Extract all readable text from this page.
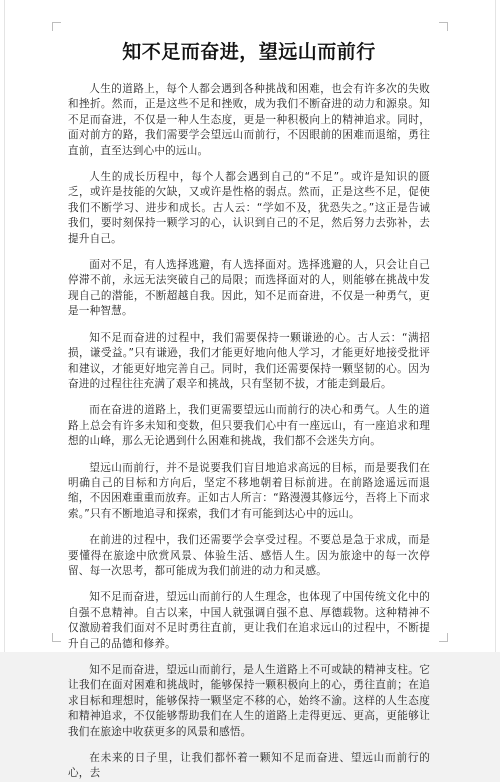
知不足而奋进，望远山而前行

人生的道路上，每个人都会遇到各种挑战和困难，也会有许多次的失败和挫折。然而，正是这些不足和挫败，成为我们不断奋进的动力和源泉。知不足而奋进，不仅是一种人生态度，更是一种积极向上的精神追求。同时，面对前方的路，我们需要学会望远山而前行，不因眼前的困难而退缩，勇往直前，直至达到心中的远山。

人生的成长历程中，每个人都会遇到自己的“不足”。或许是知识的匮乏，或许是技能的欠缺，又或许是性格的弱点。然而，正是这些不足，促使我们不断学习、进步和成长。古人云：“学如不及，犹恐失之。”这正是告诫我们，要时刻保持一颗学习的心，认识到自己的不足，然后努力去弥补，去提升自己。

面对不足，有人选择逃避，有人选择面对。选择逃避的人，只会让自己停滞不前，永远无法突破自己的局限；而选择面对的人，则能够在挑战中发现自己的潜能，不断超越自我。因此，知不足而奋进，不仅是一种勇气，更是一种智慧。

知不足而奋进的过程中，我们需要保持一颗谦逊的心。古人云：“满招损，谦受益。”只有谦逊，我们才能更好地向他人学习，才能更好地接受批评和建议，才能更好地完善自己。同时，我们还需要保持一颗坚韧的心。因为奋进的过程往往充满了艰辛和挑战，只有坚韧不拔，才能走到最后。

而在奋进的道路上，我们更需要望远山而前行的决心和勇气。人生的道路上总会有许多未知和变数，但只要我们心中有一座远山，有一座追求和理想的山峰，那么无论遇到什么困难和挑战，我们都不会迷失方向。

望远山而前行，并不是说要我们盲目地追求高远的目标，而是要我们在明确自己的目标和方向后，坚定不移地朝着目标前进。在前路途遥远而退缩，不因困难重重而放弃。正如古人所言：“路漫漫其修远兮，吾将上下而求索。”只有不断地追寻和探索，我们才有可能到达心中的远山。

在前进的过程中，我们还需要学会享受过程。不要总是急于求成，而是要懂得在旅途中欣赏风景、体验生活、感悟人生。因为旅途中的每一次停留、每一次思考，都可能成为我们前进的动力和灵感。

知不足而奋进，望远山而前行的人生理念，也体现了中国传统文化中的自强不息精神。自古以来，中国人就强调自强不息、厚德载物。这种精神不仅激励着我们面对不足时勇往直前，更让我们在追求远山的过程中，不断提升自己的品德和修养。

知不足而奋进，望远山而前行，是人生道路上不可或缺的精神支柱。它让我们在面对困难和挑战时，能够保持一颗积极向上的心，勇往直前；在追求目标和理想时，能够保持一颗坚定不移的心，始终不渝。这样的人生态度和精神追求，不仅能够帮助我们在人生的道路上走得更远、更高，更能够让我们在旅途中收获更多的风景和感悟。

在未来的日子里，让我们都怀着一颗知不足而奋进、望远山而前行的心，去
